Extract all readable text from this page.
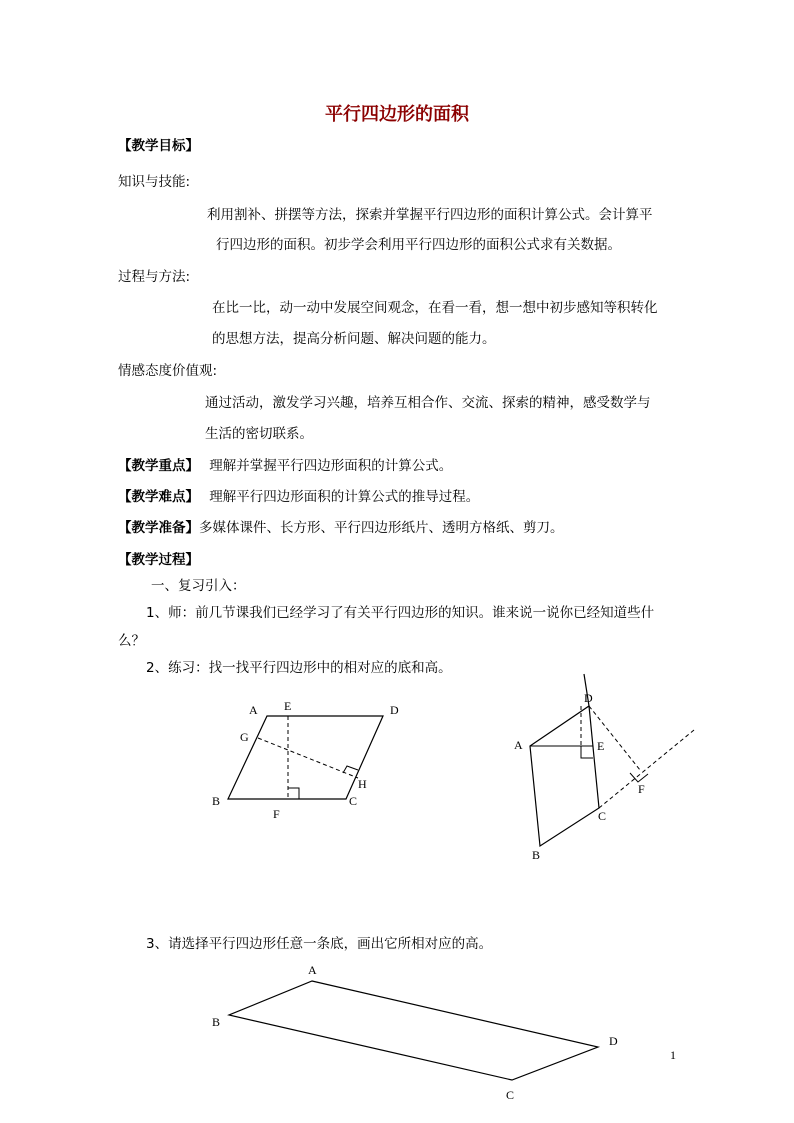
平行四边形的面积
【教学目标】
知识与技能:
利用割补、拼摆等方法，探索并掌握平行四边形的面积计算公式。会计算平
行四边形的面积。初步学会利用平行四边形的面积公式求有关数据。
过程与方法:
在比一比，动一动中发展空间观念，在看一看，想一想中初步感知等积转化
的思想方法，提高分析问题、解决问题的能力。
情感态度价值观:
通过活动，激发学习兴趣，培养互相合作、交流、探索的精神，感受数学与
生活的密切联系。
【教学重点】 理解并掌握平行四边形面积的计算公式。
【教学难点】 理解平行四边形面积的计算公式的推导过程。
【教学准备】多媒体课件、长方形、平行四边形纸片、透明方格纸、剪刀。
【教学过程】
一、复习引入：
1、师：前几节课我们已经学习了有关平行四边形的知识。谁来说一说你已经知道些什
么？
2、练习：找一找平行四边形中的相对应的底和高。
A E	D
G
H
B
F
C
D
A	E
F
C
B
A
B
D
C
3、请选择平行四边形任意一条底，画出它所相对应的高。
1
